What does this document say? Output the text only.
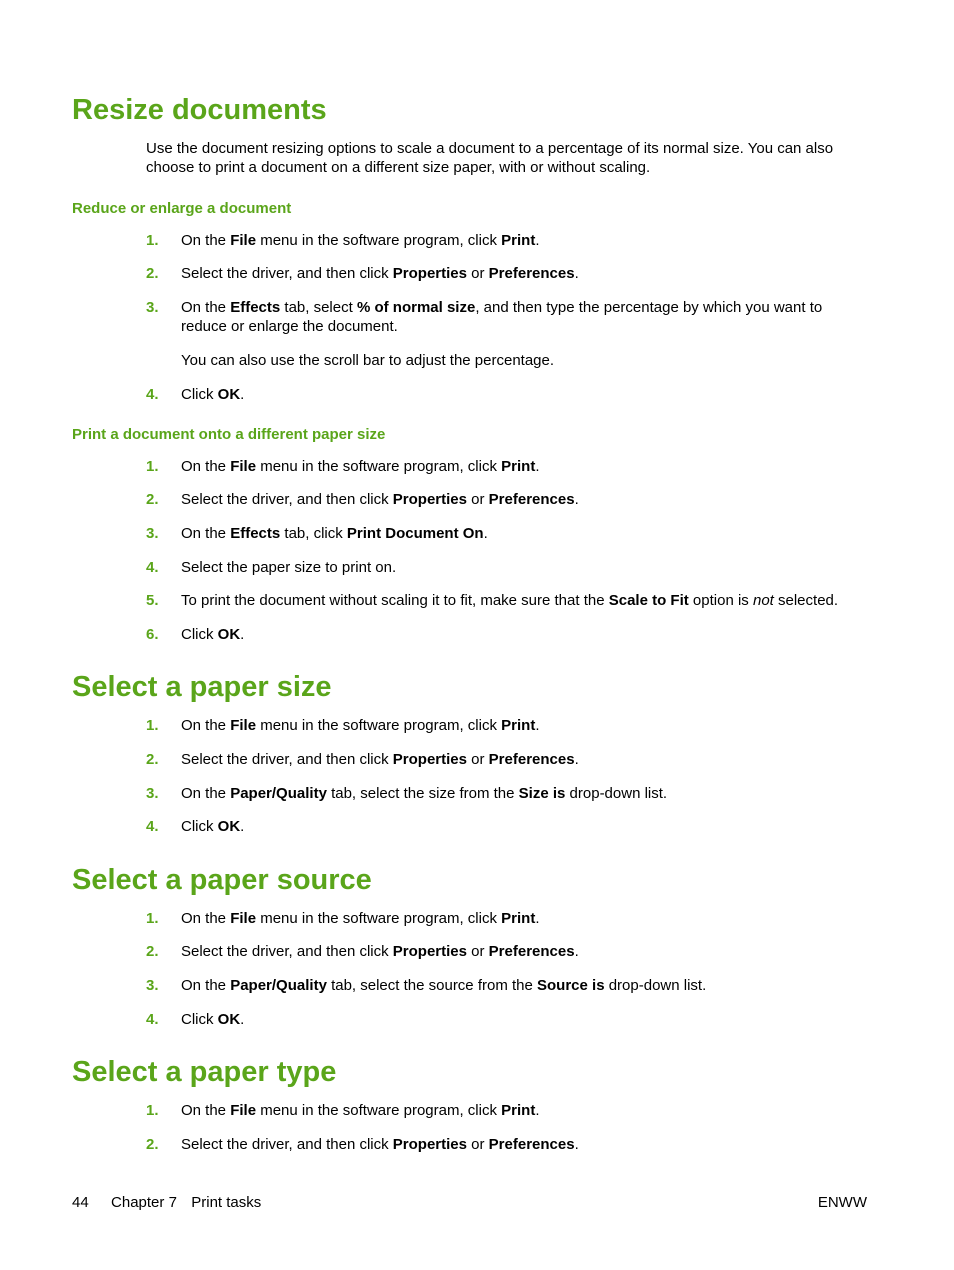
Resize documents
Use the document resizing options to scale a document to a percentage of its normal size. You can also
choose to print a document on a different size paper, with or without scaling.
Reduce or enlarge a document
1.	On the File menu in the software program, click Print.
2.	Select the driver, and then click Properties or Preferences.
3.	On the Effects tab, select % of normal size, and then type the percentage by which you want to
reduce or enlarge the document.
You can also use the scroll bar to adjust the percentage.
4.	Click OK.
Print a document onto a different paper size
1.	On the File menu in the software program, click Print.
2.	Select the driver, and then click Properties or Preferences.
3.	On the Effects tab, click Print Document On.
4.	Select the paper size to print on.
5.	To print the document without scaling it to fit, make sure that the Scale to Fit option is not selected.
6.	Click OK.
Select a paper size
1.	On the File menu in the software program, click Print.
2.	Select the driver, and then click Properties or Preferences.
3.	On the Paper/Quality tab, select the size from the Size is drop-down list.
4.	Click OK.
Select a paper source
1.	On the File menu in the software program, click Print.
2.	Select the driver, and then click Properties or Preferences.
3.	On the Paper/Quality tab, select the source from the Source is drop-down list.
4.	Click OK.
Select a paper type
1.	On the File menu in the software program, click Print.
2.	Select the driver, and then click Properties or Preferences.
44 Chapter 7 Print tasks	ENWW
